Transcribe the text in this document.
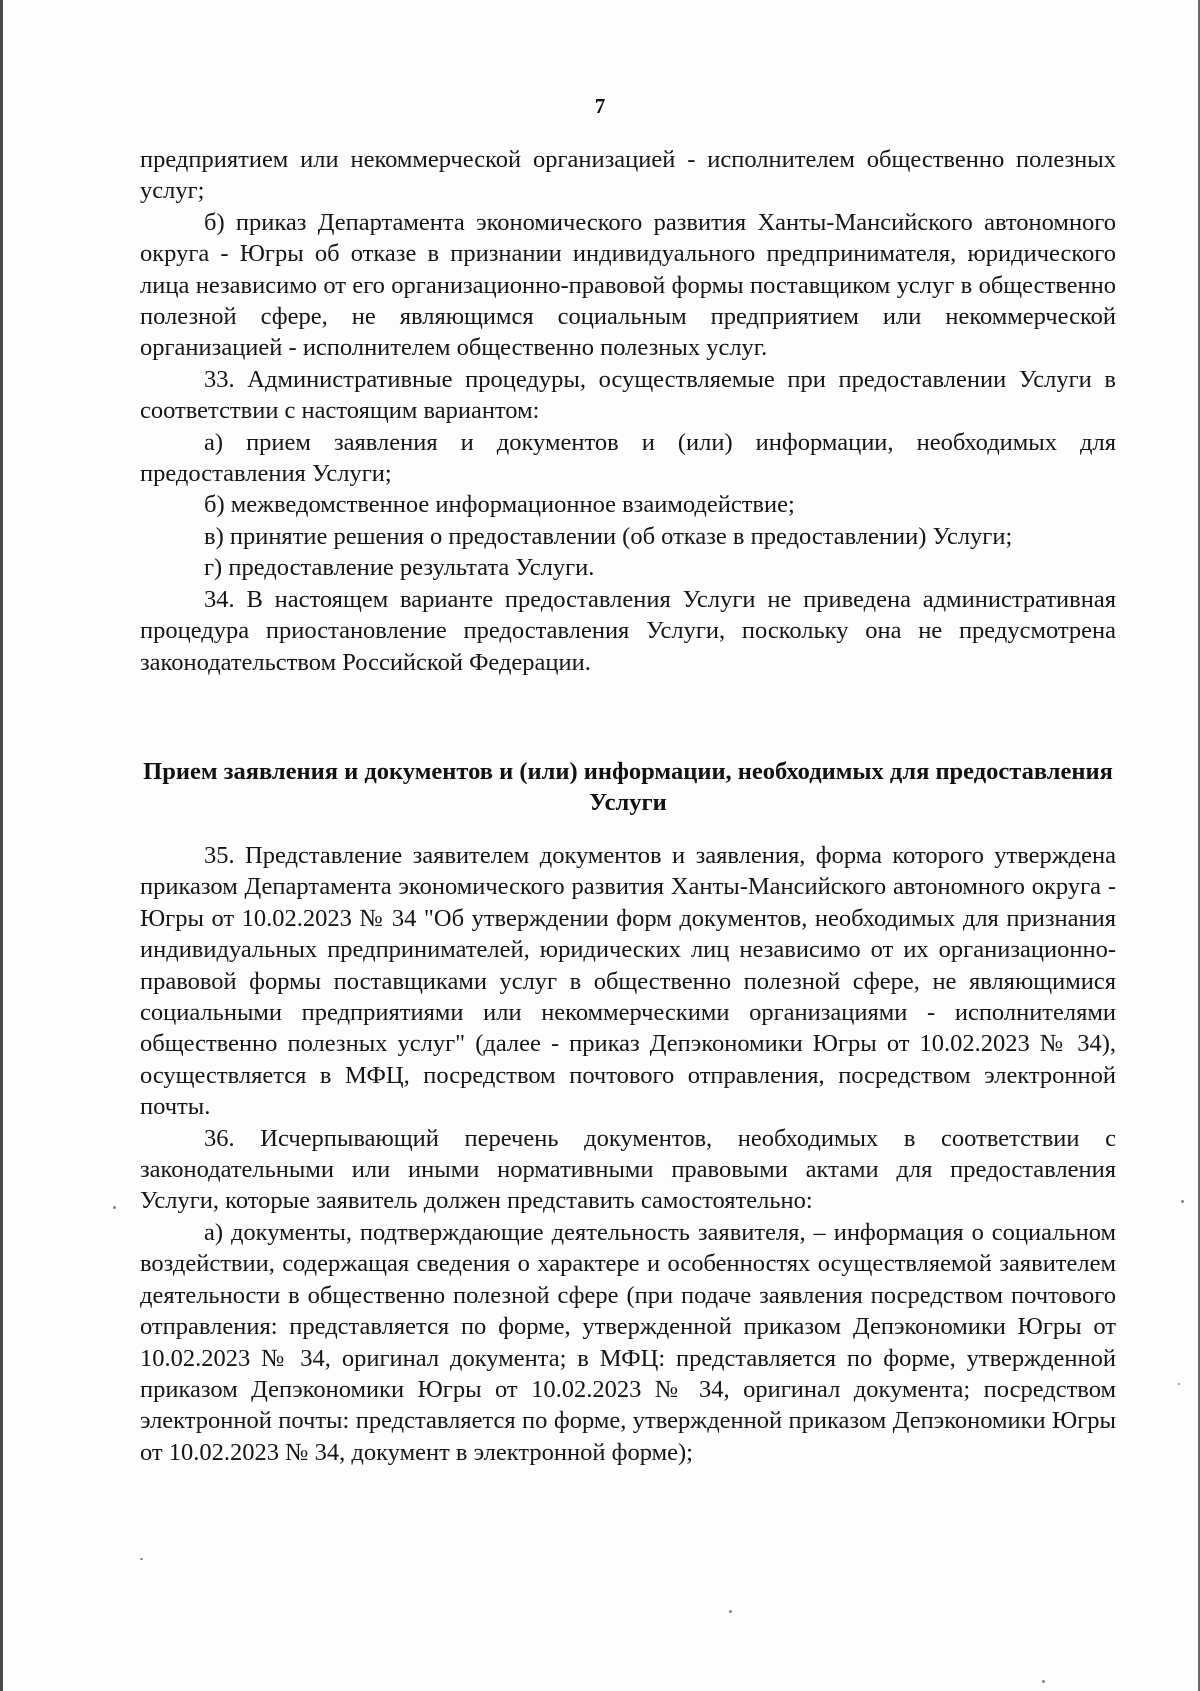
7

предприятием или некоммерческой организацией - исполнителем общественно полезных услуг;

б) приказ Департамента экономического развития Ханты-Мансийского автономного округа - Югры об отказе в признании индивидуального предпринимателя, юридического лица независимо от его организационно-правовой формы поставщиком услуг в общественно полезной сфере, не являющимся социальным предприятием или некоммерческой организацией - исполнителем общественно полезных услуг.

33. Административные процедуры, осуществляемые при предоставлении Услуги в соответствии с настоящим вариантом:

а) прием заявления и документов и (или) информации, необходимых для предоставления Услуги;

б) межведомственное информационное взаимодействие;

в) принятие решения о предоставлении (об отказе в предоставлении) Услуги;

г) предоставление результата Услуги.

34. В настоящем варианте предоставления Услуги не приведена административная процедура приостановление предоставления Услуги, поскольку она не предусмотрена законодательством Российской Федерации.

Прием заявления и документов и (или) информации, необходимых для предоставления Услуги

35. Представление заявителем документов и заявления, форма которого утверждена приказом Департамента экономического развития Ханты-Мансийского автономного округа - Югры от 10.02.2023 № 34 "Об утверждении форм документов, необходимых для признания индивидуальных предпринимателей, юридических лиц независимо от их организационно-правовой формы поставщиками услуг в общественно полезной сфере, не являющимися социальными предприятиями или некоммерческими организациями - исполнителями общественно полезных услуг" (далее - приказ Депэкономики Югры от 10.02.2023 № 34), осуществляется в МФЦ, посредством почтового отправления, посредством электронной почты.

36. Исчерпывающий перечень документов, необходимых в соответствии с законодательными или иными нормативными правовыми актами для предоставления Услуги, которые заявитель должен представить самостоятельно:

а) документы, подтверждающие деятельность заявителя, – информация о социальном воздействии, содержащая сведения о характере и особенностях осуществляемой заявителем деятельности в общественно полезной сфере (при подаче заявления посредством почтового отправления: представляется по форме, утвержденной приказом Депэкономики Югры от 10.02.2023 № 34, оригинал документа; в МФЦ: представляется по форме, утвержденной приказом Депэкономики Югры от 10.02.2023 № 34, оригинал документа; посредством электронной почты: представляется по форме, утвержденной приказом Депэкономики Югры от 10.02.2023 № 34, документ в электронной форме);
